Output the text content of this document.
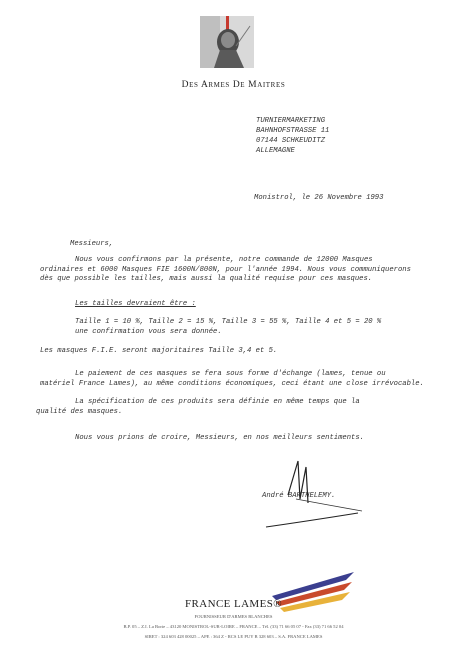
Des Armes De Maitres
TURNIERMARKETING
BAHNHOFSTRASSE 11
07144 SCHKEUDITZ
ALLEMAGNE
Monistrol, le 26 Novembre 1993
Messieurs,
Nous vous confirmons par la présente, notre commande de 12000 Masques
ordinaires et 6000 Masques FIE 1600N/800N, pour l'année 1994. Nous vous communiquerons
dès que possible les tailles, mais aussi la qualité requise pour ces masques.
Les tailles devraient être :
Taille 1 = 10 %, Taille 2 = 15 %, Taille 3 = 55 %, Taille 4 et 5 = 20 %
une confirmation vous sera donnée.
Les masques F.I.E. seront majoritaires Taille 3,4 et 5.
Le paiement de ces masques se fera sous forme d'échange (lames, tenue ou
matériel France Lames), au même conditions économiques, ceci étant une close irrévocable.
La spécification de ces produits sera définie en même temps que la
qualité des masques.
Nous vous prions de croire, Messieurs, en nos meilleurs sentiments.
André BARTHELEMY.
FRANCE LAMES®
FOURNISSEUR D'ARMES BLANCHES
B.P. 05 – Z.I. La Borie – 43120 MONISTROL-SUR-LOIRE – FRANCE – Tél. (33) 71 66 05 07 - Fax (33) 71 66 52 04
SIRET : 324 603 428 00025 – APE : 364 Z - RCS LE PUY B 328 603 – S.A. FRANCE LAMES
